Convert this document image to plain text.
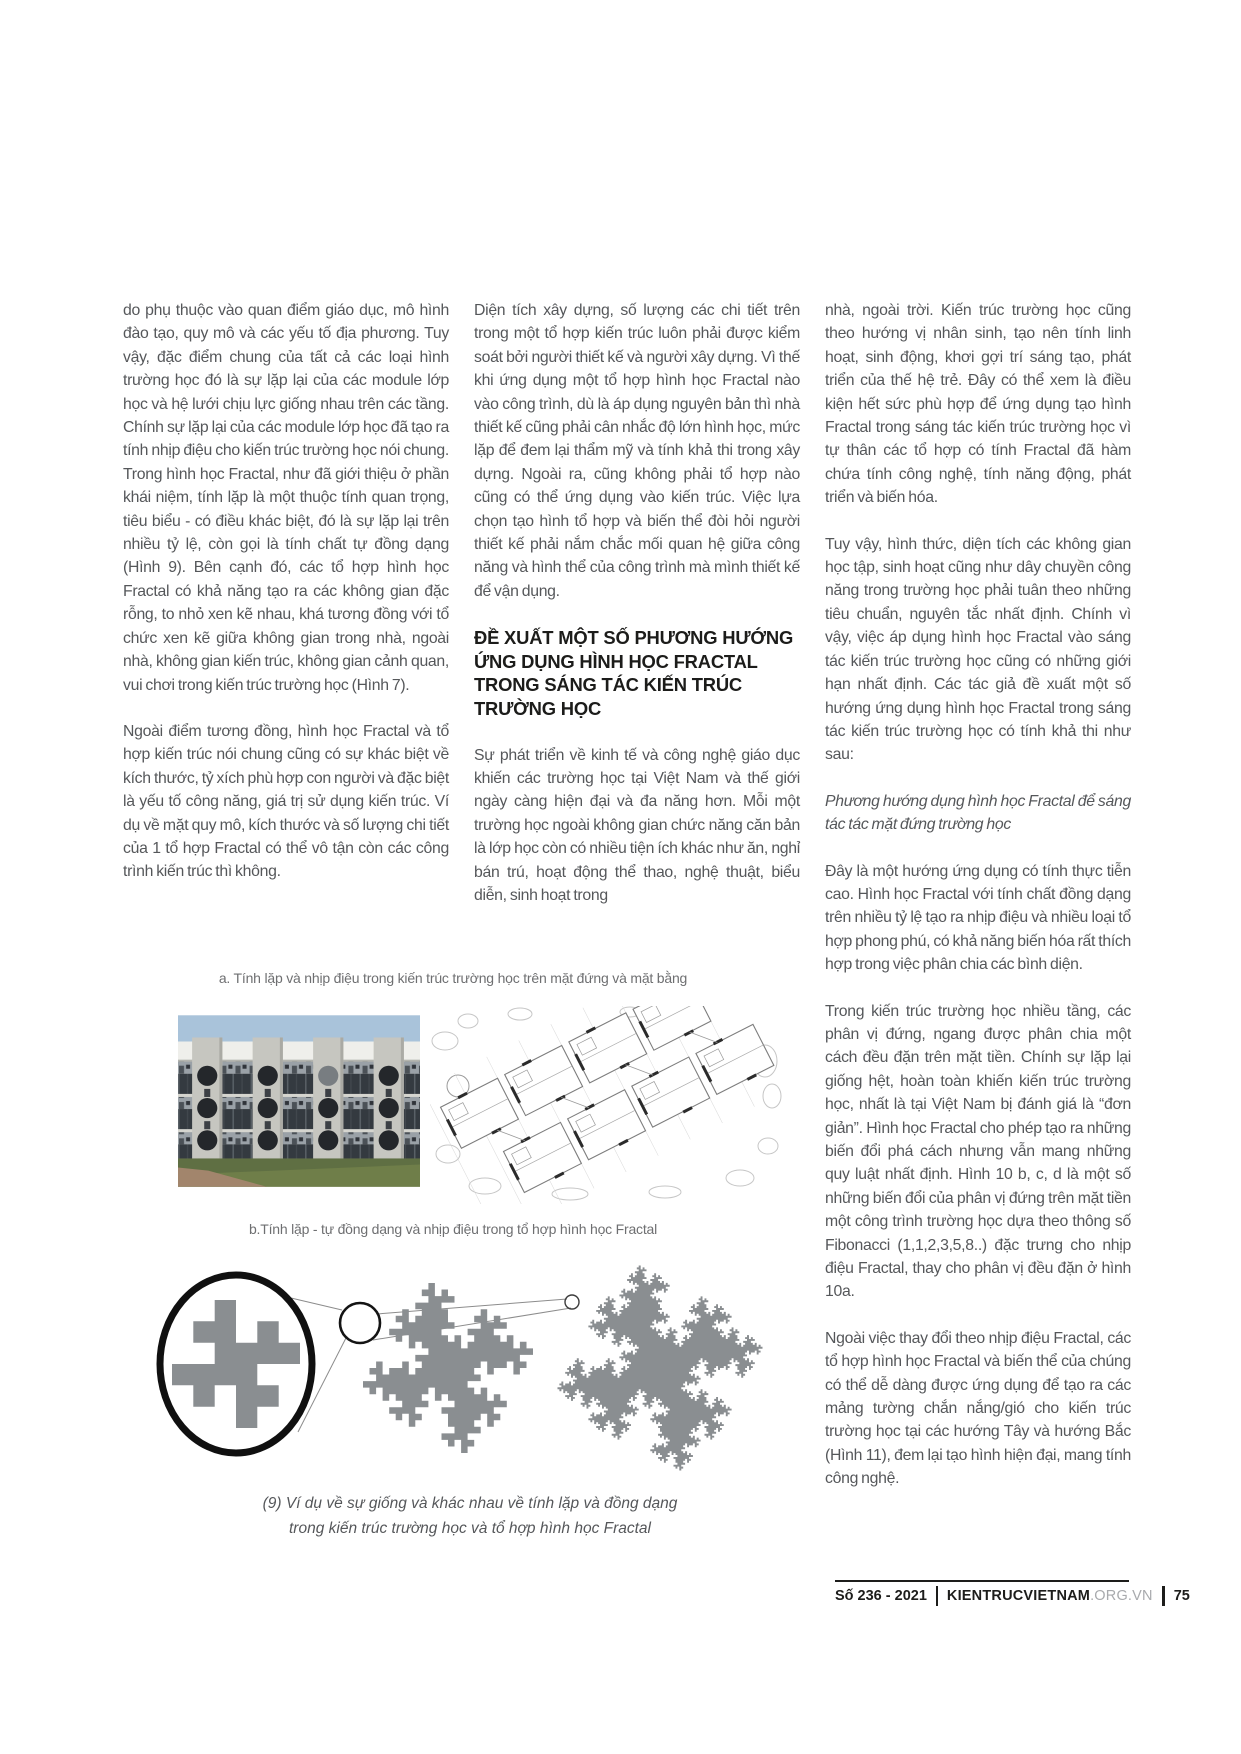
do phụ thuộc vào quan điểm giáo dục, mô hình đào tạo, quy mô và các yếu tố địa phương. Tuy vậy, đặc điểm chung của tất cả các loại hình trường học đó là sự lặp lại của các module lớp học và hệ lưới chịu lực giống nhau trên các tầng. Chính sự lặp lại của các module lớp học đã tạo ra tính nhịp điệu cho kiến trúc trường học nói chung. Trong hình học Fractal, như đã giới thiệu ở phần khái niệm, tính lặp là một thuộc tính quan trọng, tiêu biểu - có điều khác biệt, đó là sự lặp lại trên nhiều tỷ lệ, còn gọi là tính chất tự đồng dạng (Hình 9). Bên cạnh đó, các tổ hợp hình học Fractal có khả năng tạo ra các không gian đặc rỗng, to nhỏ xen kẽ nhau, khá tương đồng với tổ chức xen kẽ giữa không gian trong nhà, ngoài nhà, không gian kiến trúc, không gian cảnh quan, vui chơi trong kiến trúc trường học (Hình 7).

Ngoài điểm tương đồng, hình học Fractal và tổ hợp kiến trúc nói chung cũng có sự khác biệt về kích thước, tỷ xích phù hợp con người và đặc biệt là yếu tố công năng, giá trị sử dụng kiến trúc. Ví dụ về mặt quy mô, kích thước và số lượng chi tiết của 1 tổ hợp Fractal có thể vô tận còn các công trình kiến trúc thì không.

Diện tích xây dựng, số lượng các chi tiết trên trong một tổ hợp kiến trúc luôn phải được kiểm soát bởi người thiết kế và người xây dựng. Vì thế khi ứng dụng một tổ hợp hình học Fractal nào vào công trình, dù là áp dụng nguyên bản thì nhà thiết kế cũng phải cân nhắc độ lớn hình học, mức lặp để đem lại thẩm mỹ và tính khả thi trong xây dựng. Ngoài ra, cũng không phải tổ hợp nào cũng có thể ứng dụng vào kiến trúc. Việc lựa chọn tạo hình tổ hợp và biến thể đòi hỏi người thiết kế phải nắm chắc mối quan hệ giữa công năng và hình thể của công trình mà mình thiết kế để vận dụng.

ĐỀ XUẤT MỘT SỐ PHƯƠNG HƯỚNG ỨNG DỤNG HÌNH HỌC FRACTAL TRONG SÁNG TÁC KIẾN TRÚC TRƯỜNG HỌC

Sự phát triển về kinh tế và công nghệ giáo dục khiến các trường học tại Việt Nam và thế giới ngày càng hiện đại và đa năng hơn. Mỗi một trường học ngoài không gian chức năng căn bản là lớp học còn có nhiều tiện ích khác như ăn, nghỉ bán trú, hoạt động thể thao, nghệ thuật, biểu diễn, sinh hoạt trong

nhà, ngoài trời. Kiến trúc trường học cũng theo hướng vị nhân sinh, tạo nên tính linh hoạt, sinh động, khơi gợi trí sáng tạo, phát triển của thế hệ trẻ. Đây có thể xem là điều kiện hết sức phù hợp để ứng dụng tạo hình Fractal trong sáng tác kiến trúc trường học vì tự thân các tổ hợp có tính Fractal đã hàm chứa tính công nghệ, tính năng động, phát triển và biến hóa.

Tuy vậy, hình thức, diện tích các không gian học tập, sinh hoạt cũng như dây chuyền công năng trong trường học phải tuân theo những tiêu chuẩn, nguyên tắc nhất định. Chính vì vậy, việc áp dụng hình học Fractal vào sáng tác kiến trúc trường học cũng có những giới hạn nhất định. Các tác giả đề xuất một số hướng ứng dụng hình học Fractal trong sáng tác kiến trúc trường học có tính khả thi như sau:

Phương hướng dụng hình học Fractal để sáng tác tác mặt đứng trường học

Đây là một hướng ứng dụng có tính thực tiễn cao. Hình học Fractal với tính chất đồng dạng trên nhiều tỷ lệ tạo ra nhịp điệu và nhiều loại tổ hợp phong phú, có khả năng biến hóa rất thích hợp trong việc phân chia các bình diện.

Trong kiến trúc trường học nhiều tầng, các phân vị đứng, ngang được phân chia một cách đều đặn trên mặt tiền. Chính sự lặp lại giống hệt, hoàn toàn khiến kiến trúc trường học, nhất là tại Việt Nam bị đánh giá là “đơn giản”. Hình học Fractal cho phép tạo ra những biến đổi phá cách nhưng vẫn mang những quy luật nhất định. Hình 10 b, c, d là một số những biến đổi của phân vị đứng trên mặt tiền một công trình trường học dựa theo thông số Fibonacci (1,1,2,3,5,8..) đặc trưng cho nhịp điệu Fractal, thay cho phân vị đều đặn ở hình 10a.

Ngoài việc thay đổi theo nhịp điệu Fractal, các tổ hợp hình học Fractal và biến thể của chúng có thể dễ dàng được ứng dụng để tạo ra các mảng tường chắn nắng/gió cho kiến trúc trường học tại các hướng Tây và hướng Bắc (Hình 11), đem lại tạo hình hiện đại, mang tính công nghệ.

a. Tính lặp và nhịp điệu trong kiến trúc trường học trên mặt đứng và mặt bằng
b.Tính lặp - tự đồng dạng và nhịp điệu trong tổ hợp hình học Fractal
(9) Ví dụ về sự giống và khác nhau về tính lặp và đồng dạng
trong kiến trúc trường học và tổ hợp hình học Fractal
Số 236 - 2021 KIENTRUCVIETNAM.ORG.VN 75
